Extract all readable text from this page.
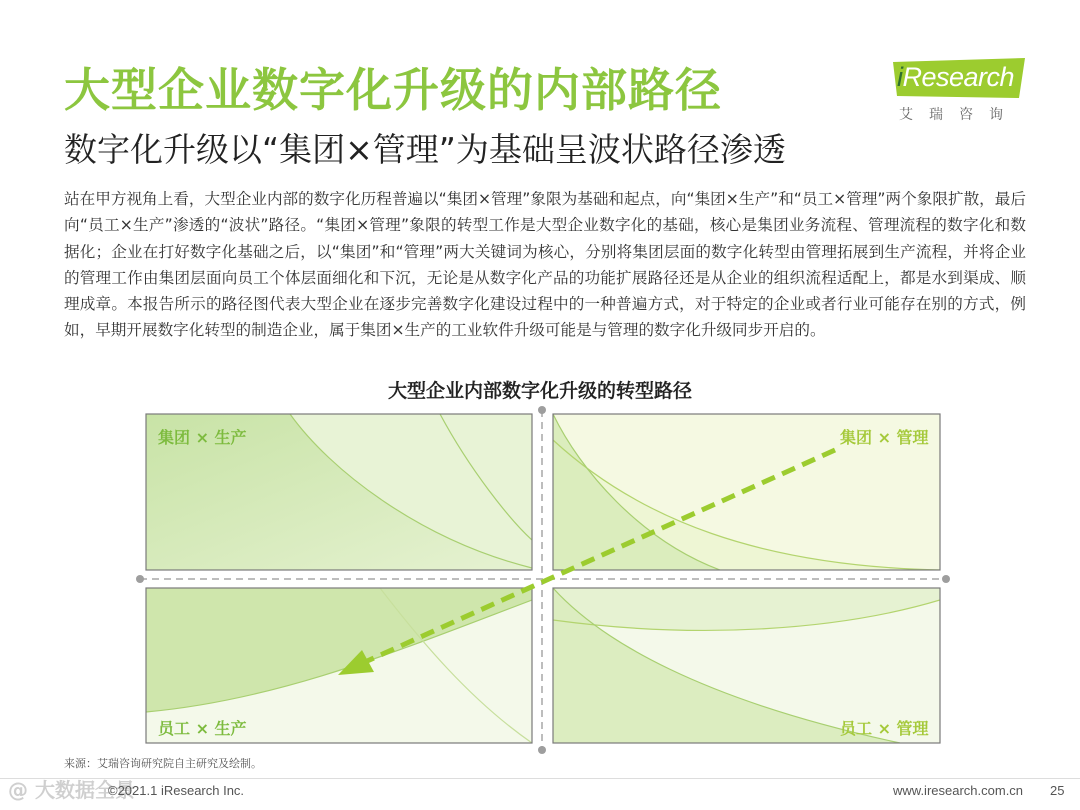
大型企业数字化升级的内部路径
数字化升级以“集团×管理”为基础呈波状路径渗透
iResearch
艾瑞咨询
站在甲方视角上看，大型企业内部的数字化历程普遍以“集团×管理”象限为基础和起点，向“集团×生产”和“员工×管理”两个象限扩散，最后向“员工×生产”渗透的“波状”路径。“集团×管理”象限的转型工作是大型企业数字化的基础，核心是集团业务流程、管理流程的数字化和数据化；企业在打好数字化基础之后，以“集团”和“管理”两大关键词为核心，分别将集团层面的数字化转型由管理拓展到生产流程，并将企业的管理工作由集团层面向员工个体层面细化和下沉，无论是从数字化产品的功能扩展路径还是从企业的组织流程适配上，都是水到渠成、顺理成章。本报告所示的路径图代表大型企业在逐步完善数字化建设过程中的一种普遍方式，对于特定的企业或者行业可能存在别的方式，例如，早期开展数字化转型的制造企业，属于集团×生产的工业软件升级可能是与管理的数字化升级同步开启的。
大型企业内部数字化升级的转型路径
集团 × 生产	集团 × 管理
员工 × 生产	员工 × 管理
来源：艾瑞咨询研究院自主研究及绘制。
@ 大数据全景
©2021.1 iResearch Inc.	www.iresearch.com.cn 25
